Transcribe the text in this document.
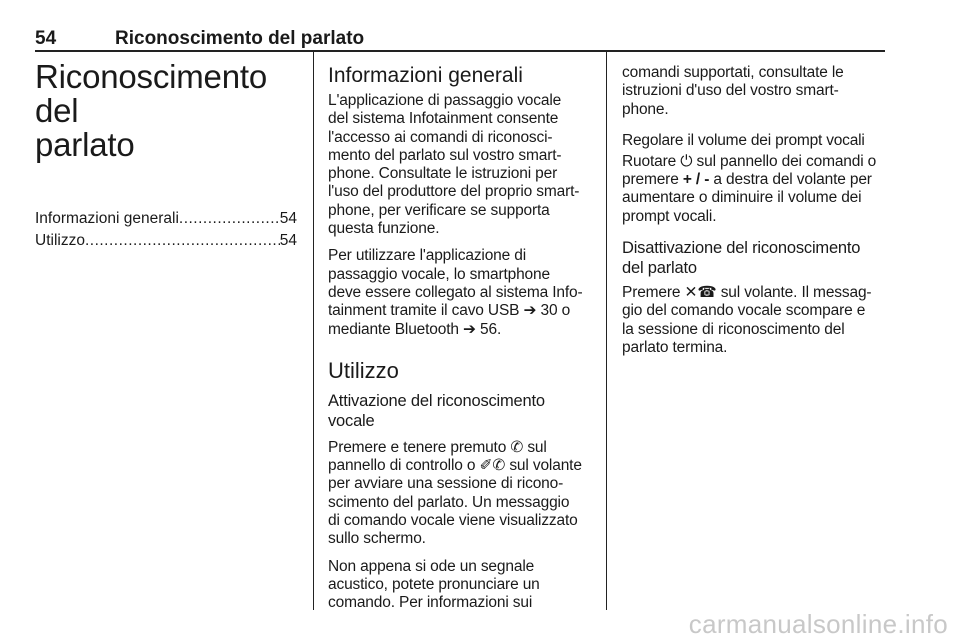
54	Riconoscimento del parlato
Riconoscimento del
parlato
Informazioni generali .....	54
Utilizzo .....	54
Informazioni generali
L'applicazione di passaggio vocale
del sistema Infotainment consente
l'accesso ai comandi di riconosci-
mento del parlato sul vostro smart-
phone. Consultate le istruzioni per
l'uso del produttore del proprio smart-
phone, per verificare se supporta
questa funzione.
Per utilizzare l'applicazione di
passaggio vocale, lo smartphone
deve essere collegato al sistema Info-
tainment tramite il cavo USB ➔ 30 o
mediante Bluetooth ➔ 56.
Utilizzo
Attivazione del riconoscimento
vocale
Premere e tenere premuto ✆ sul
pannello di controllo o ✐✆ sul volante
per avviare una sessione di ricono-
scimento del parlato. Un messaggio
di comando vocale viene visualizzato
sullo schermo.
Non appena si ode un segnale
acustico, potete pronunciare un
comando. Per informazioni sui
comandi supportati, consultate le
istruzioni d'uso del vostro smart-
phone.
Regolare il volume dei prompt vocali
Ruotare ⏻ sul pannello dei comandi o
premere + / - a destra del volante per
aumentare o diminuire il volume dei
prompt vocali.
Disattivazione del riconoscimento
del parlato
Premere ✕☎ sul volante. Il messag-
gio del comando vocale scompare e
la sessione di riconoscimento del
parlato termina.
carmanualsonline.info
